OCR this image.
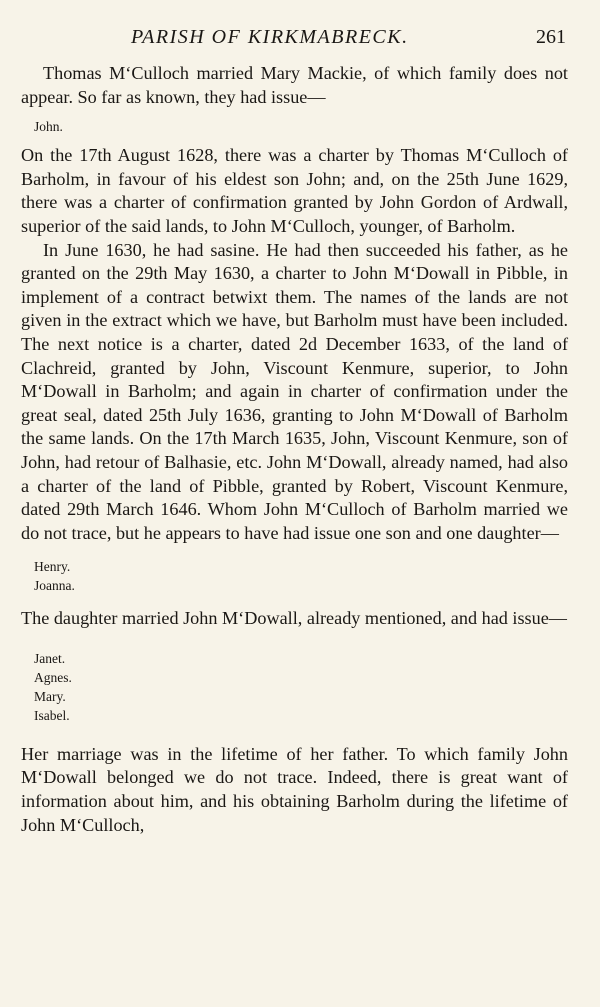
PARISH OF KIRKMABRECK.	261

Thomas M‘Culloch married Mary Mackie, of which family does not appear. So far as known, they had issue—

John.

On the 17th August 1628, there was a charter by Thomas M‘Culloch of Barholm, in favour of his eldest son John; and, on the 25th June 1629, there was a charter of confirmation granted by John Gordon of Ardwall, superior of the said lands, to John M‘Culloch, younger, of Barholm.

In June 1630, he had sasine. He had then succeeded his father, as he granted on the 29th May 1630, a charter to John M‘Dowall in Pibble, in implement of a contract betwixt them. The names of the lands are not given in the extract which we have, but Barholm must have been included. The next notice is a charter, dated 2d December 1633, of the land of Clachreid, granted by John, Viscount Kenmure, superior, to John M‘Dowall in Barholm; and again in charter of confirmation under the great seal, dated 25th July 1636, granting to John M‘Dowall of Barholm the same lands. On the 17th March 1635, John, Viscount Kenmure, son of John, had retour of Balhasie, etc. John M‘Dowall, already named, had also a charter of the land of Pibble, granted by Robert, Viscount Kenmure, dated 29th March 1646. Whom John M‘Culloch of Barholm married we do not trace, but he appears to have had issue one son and one daughter—

Henry.
Joanna.

The daughter married John M‘Dowall, already mentioned, and had issue—

Janet.
Agnes.
Mary.
Isabel.

Her marriage was in the lifetime of her father. To which family John M‘Dowall belonged we do not trace. Indeed, there is great want of information about him, and his obtaining Barholm during the lifetime of John M‘Culloch,
